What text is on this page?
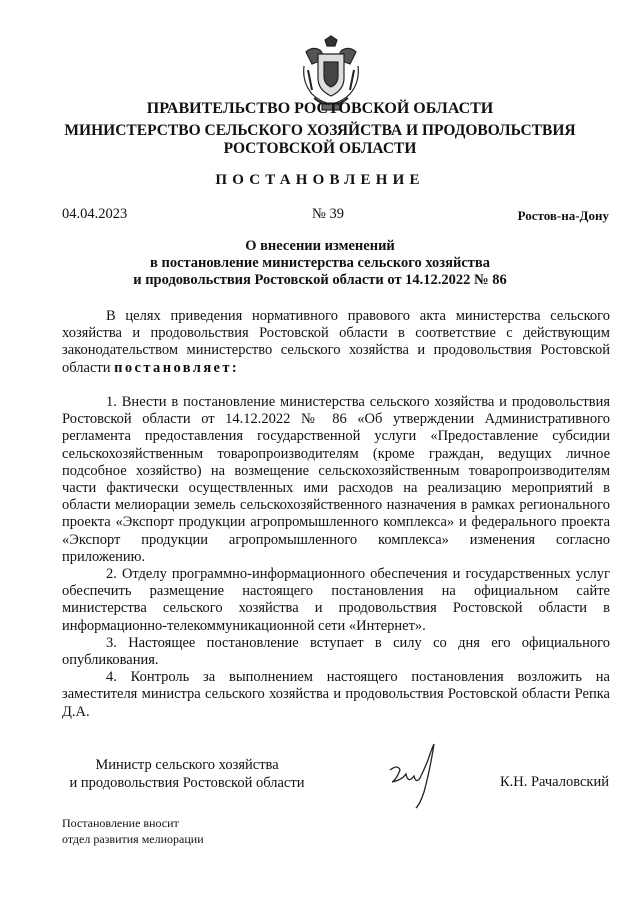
ПРАВИТЕЛЬСТВО РОСТОВСКОЙ ОБЛАСТИ
МИНИСТЕРСТВО СЕЛЬСКОГО ХОЗЯЙСТВА И ПРОДОВОЛЬСТВИЯ
РОСТОВСКОЙ ОБЛАСТИ
ПОСТАНОВЛЕНИЕ
04.04.2023	№ 39	Ростов-на-Дону
О внесении изменений
в постановление министерства сельского хозяйства
и продовольствия Ростовской области от 14.12.2022 № 86
В целях приведения нормативного правового акта министерства сельского хозяйства и продовольствия Ростовской области в соответствие с действующим законодательством министерство сельского хозяйства и продовольствия Ростовской области постановляет:

1. Внести в постановление министерства сельского хозяйства и продовольствия Ростовской области от 14.12.2022 № 86 «Об утверждении Административного регламента предоставления государственной услуги «Предоставление субсидии сельскохозяйственным товаропроизводителям (кроме граждан, ведущих личное подсобное хозяйство) на возмещение сельскохозяйственным товаропроизводителям части фактически осуществленных ими расходов на реализацию мероприятий в области мелиорации земель сельскохозяйственного назначения в рамках регионального проекта «Экспорт продукции агропромышленного комплекса» и федерального проекта «Экспорт продукции агропромышленного комплекса» изменения согласно приложению.

2. Отделу программно-информационного обеспечения и государственных услуг обеспечить размещение настоящего постановления на официальном сайте министерства сельского хозяйства и продовольствия Ростовской области в информационно-телекоммуникационной сети «Интернет».

3. Настоящее постановление вступает в силу со дня его официального опубликования.

4. Контроль за выполнением настоящего постановления возложить на заместителя министра сельского хозяйства и продовольствия Ростовской области Репка Д.А.

Министр сельского хозяйства
и продовольствия Ростовской области	К.Н. Рачаловский
Постановление вносит
отдел развития мелиорации
